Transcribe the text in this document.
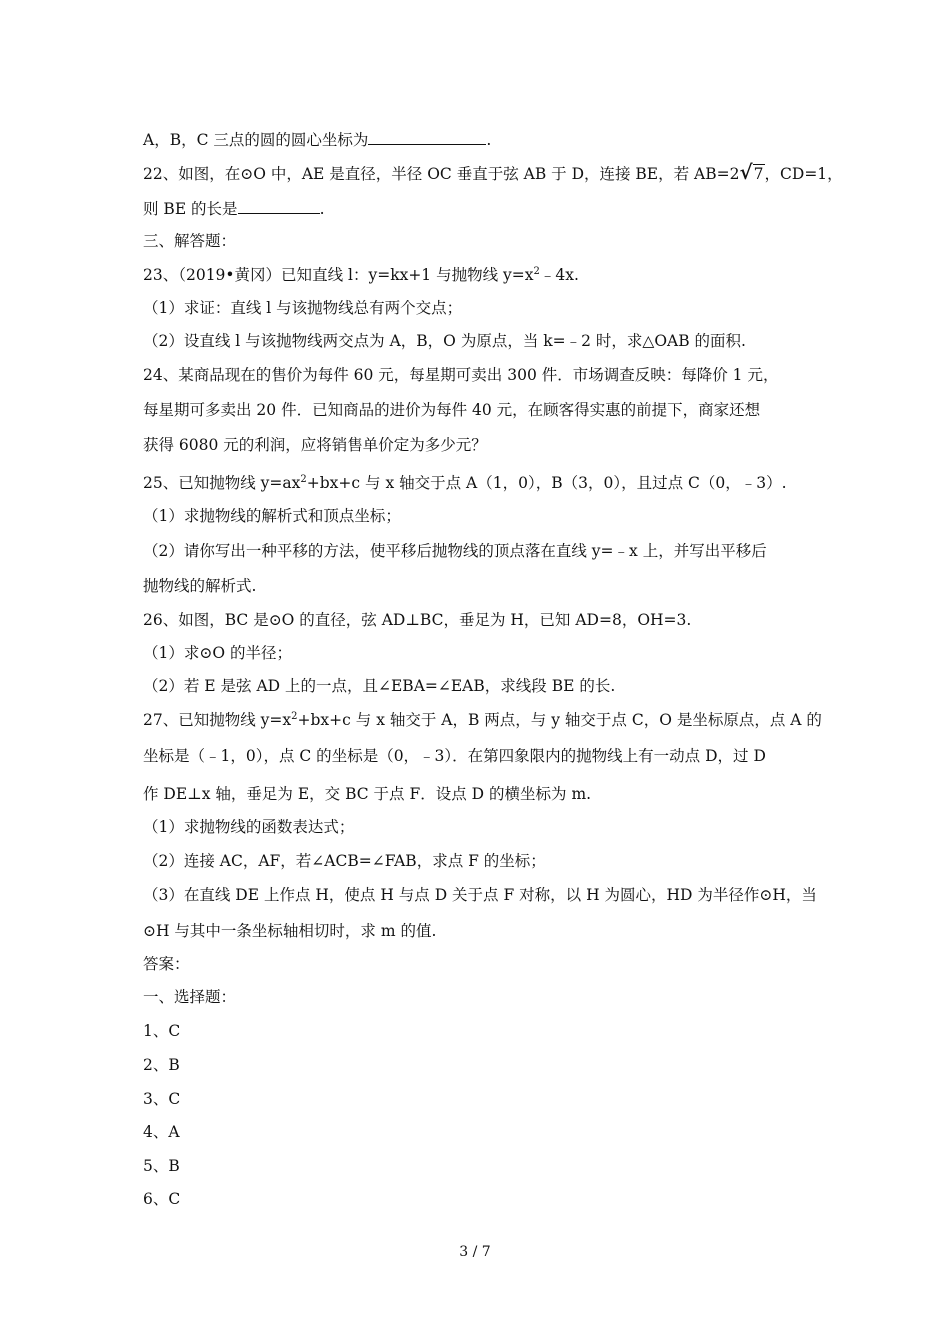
A，B，C 三点的圆的圆心坐标为	.
22、如图，在⊙O 中，AE 是直径，半径 OC 垂直于弦 AB 于 D，连接 BE，若 AB=2√7，CD=1，
则 BE 的长是	.
三、解答题：
23、（2019•黄冈）已知直线 l：y=kx+1 与抛物线 $y=x^2﹣4x$.
（1）求证：直线 l 与该抛物线总有两个交点；
（2）设直线 l 与该抛物线两交点为 A，B，O 为原点，当 k=﹣2 时，求△OAB 的面积.
24、某商品现在的售价为每件 60 元，每星期可卖出 300 件．市场调查反映：每降价 1 元，
每星期可多卖出 20 件．已知商品的进价为每件 40 元，在顾客得实惠的前提下，商家还想
获得 6080 元的利润，应将销售单价定为多少元？
25、已知抛物线 $y=ax^2+bx+c$ 与 x 轴交于点 A（1，0），B（3，0），且过点 C（0，﹣3）.
（1）求抛物线的解析式和顶点坐标；
（2）请你写出一种平移的方法，使平移后抛物线的顶点落在直线 y=﹣x 上，并写出平移后
抛物线的解析式.
26、如图，BC 是⊙O 的直径，弦 AD⊥BC，垂足为 H，已知 AD=8，OH=3.
（1）求⊙O 的半径；
（2）若 E 是弦 AD 上的一点，且∠EBA=∠EAB，求线段 BE 的长.
27、已知抛物线 $y=x^2+bx+c$ 与 x 轴交于 A，B 两点，与 y 轴交于点 C，O 是坐标原点，点 A 的
坐标是（﹣1，0），点 C 的坐标是（0，﹣3）．在第四象限内的抛物线上有一动点 D，过 D
作 DE⊥x 轴，垂足为 E，交 BC 于点 F．设点 D 的横坐标为 m.
（1）求抛物线的函数表达式；
（2）连接 AC，AF，若∠ACB=∠FAB，求点 F 的坐标；
（3）在直线 DE 上作点 H，使点 H 与点 D 关于点 F 对称，以 H 为圆心，HD 为半径作⊙H，当
⊙H 与其中一条坐标轴相切时，求 m 的值.
答案：
一、选择题：
1、C
2、B
3、C
4、A
5、B
6、C
3 / 7
